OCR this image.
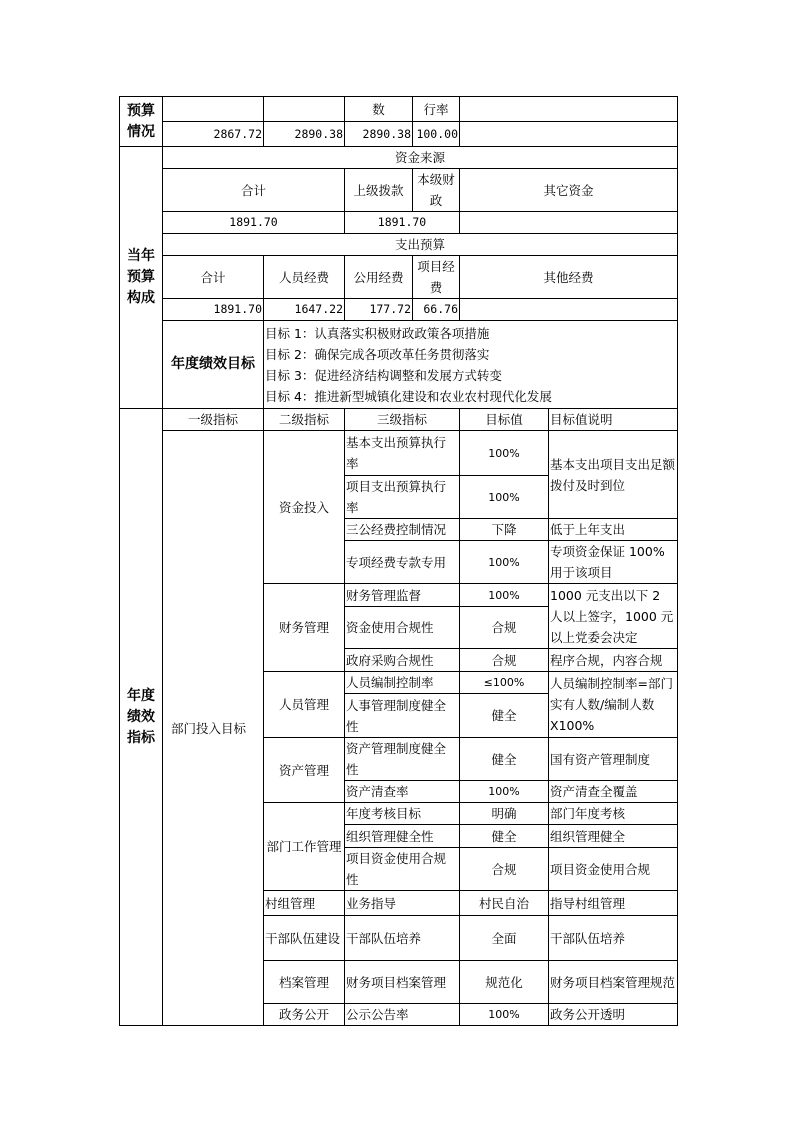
预算情况			数	行率		
	2867.72	2890.38	2890.38	100.00		
当年预算构成	资金来源					
	合计		上级拨款	本级财政	其它资金	
	1891.70		1891.70			
	支出预算					
	合计	人员经费	公用经费	项目经费	其他经费	
	1891.70	1647.22	177.72	66.76		
	年度绩效目标	目标 1：认真落实积极财政政策各项措施
目标 2：确保完成各项改革任务贯彻落实
目标 3：促进经济结构调整和发展方式转变
目标 4：推进新型城镇化建设和农业农村现代化发展				

年度绩效指标	一级指标	二级指标	三级指标		目标值	目标值说明
	部门投入目标	资金投入	基本支出预算执行率		100%	基本支出项目支出足额拨付及时到位
			项目支出预算执行率		100%	
			三公经费控制情况		下降	低于上年支出
			专项经费专款专用		100%	专项资金保证 100%用于该项目
		财务管理	财务管理监督		100%	1000 元支出以下 2 人以上签字，1000 元以上党委会决定
			资金使用合规性		合规	
			政府采购合规性		合规	程序合规，内容合规
		人员管理	人员编制控制率		≤100%	人员编制控制率=部门实有人数/编制人数 X100%
			人事管理制度健全性		健全	
		资产管理	资产管理制度健全性		健全	国有资产管理制度
			资产清查率		100%	资产清查全覆盖
		部门工作管理	年度考核目标		明确	部门年度考核
			组织管理健全性		健全	组织管理健全
			项目资金使用合规性		合规	项目资金使用合规
		村组管理	业务指导		村民自治	指导村组管理
		干部队伍建设	干部队伍培养		全面	干部队伍培养
		档案管理	财务项目档案管理		规范化	财务项目档案管理规范
		政务公开	公示公告率		100%	政务公开透明
